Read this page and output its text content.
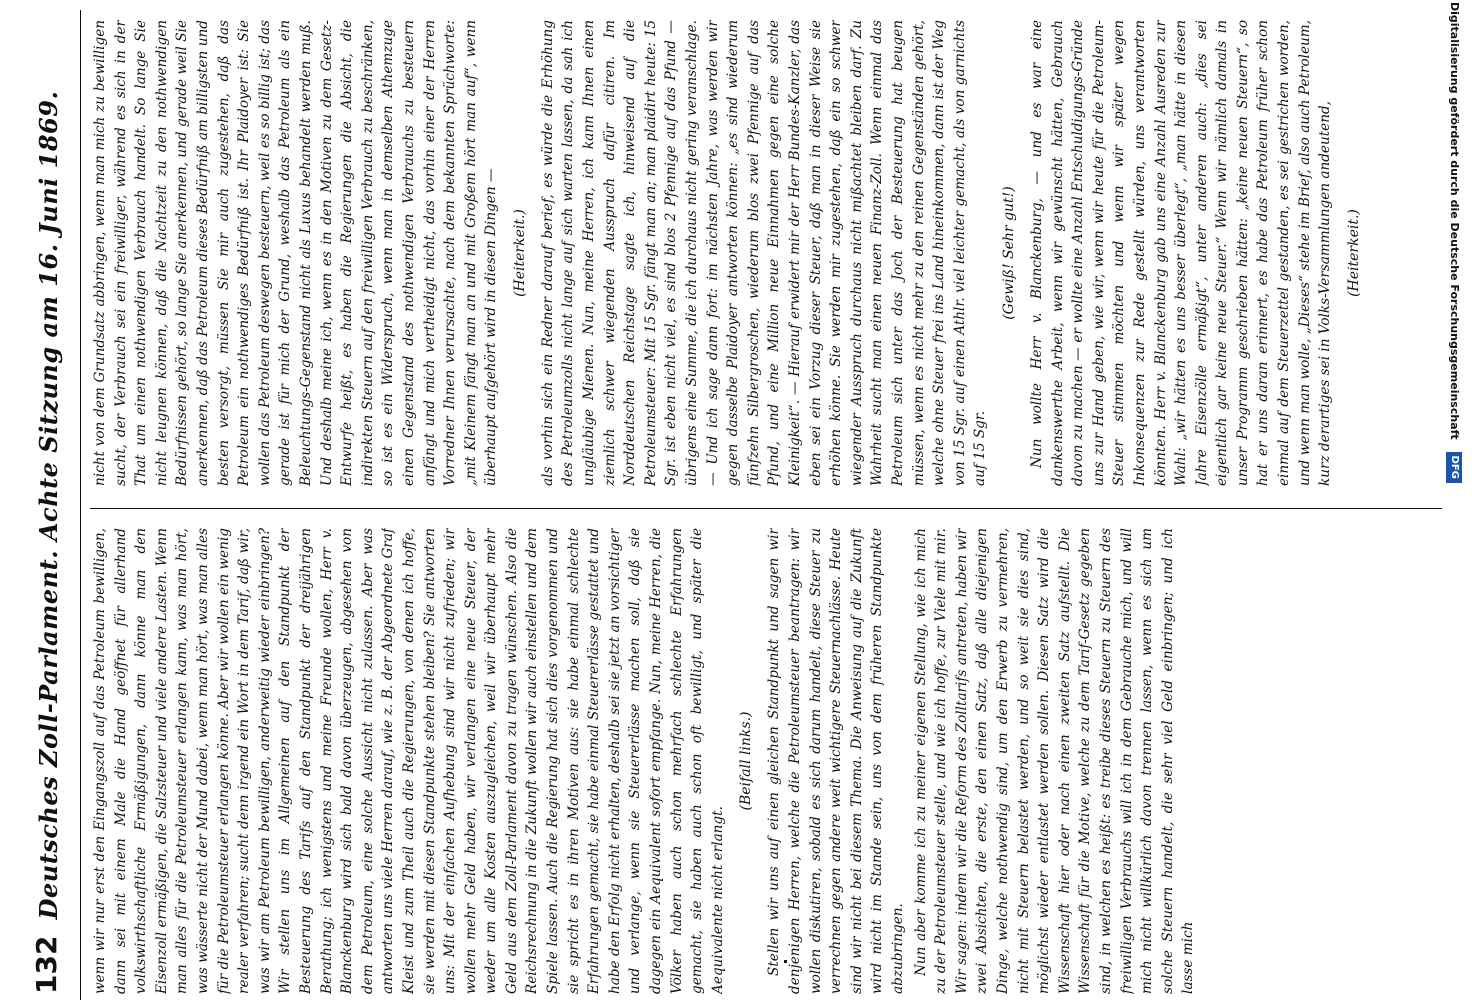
132
Deutsches Zoll-Parlament. Achte Sitzung am 16. Juni 1869. wenn wir nur erst den Eingangszoll auf das Petroleum bewilligen, dann sei mit einem Male die Hand geöffnet für allerhand volkswirthschaftliche Ermäßigungen, dann könne man den Eisenzoll ermäßigen, die Salzsteuer und viele andere Lasten. Wenn man alles für die Petroleumsteuer erlangen kann, was man hört, was wässerte nicht der Mund dabei, wenn man hört, was man alles für die Petroleumsteuer erlangen könne. Aber wir wollen ein wenig realer verfahren; sucht denn irgend ein Wort in dem Tarif, daß wir, was wir am Petroleum bewilligen, anderweitig wieder einbringen? Wir stellen uns im Allgemeinen auf den Standpunkt der Besteuerung des Tarifs auf den Standpunkt der dreijährigen Berathung; ich wenigstens und meine Freunde wollen, Herr v. Blanckenburg wird sich bald davon überzeugen, abgesehen von dem Petroleum, eine solche Aussicht nicht zulassen. Aber was antworten uns viele Herren darauf, wie z. B. der Abgeordnete Graf Kleist und zum Theil auch die Regierungen, von denen ich hoffe, sie werden mit diesen Standpunkte stehen bleiben? Sie antworten uns: Mit der einfachen Aufhebung sind wir nicht zufrieden; wir wollen mehr Geld haben, wir verlangen eine neue Steuer, der weder um alle Kosten auszugleichen, weil wir überhaupt mehr Geld aus dem Zoll-Parlament davon zu tragen wünschen. Also die Reichsrechnung in die Zukunft wollen wir auch einstellen und dem Spiele lassen. Auch die Regierung hat sich dies vorgenommen und sie spricht es in ihren Motiven aus: sie habe einmal schlechte Erfahrungen gemacht, sie habe einmal Steuererlässe gestattet und habe den Erfolg nicht erhalten, deshalb sei sie jetzt an vorsichtiger und verlange, wenn sie Steuererlässe machen soll, daß sie dagegen ein Aequivalent sofort empfange. Nun, meine Herren, die Völker haben auch schon mehrfach schlechte Erfahrungen gemacht, sie haben auch schon oft bewilligt, und später die Aequivalente nicht erlangt.

(Beifall links.) Stellen wir uns auf einen gleichen Standpunkt und sagen wir denjenigen Herren, welche die Petroleumsteuer beantragen: wir wollen diskutiren, sobald es sich darum handelt, diese Steuer zu verrechnen gegen andere weit wichtigere Steuernachlässe. Heute sind wir nicht bei diesem Thema. Die Anweisung auf die Zukunft wird nicht im Stande sein, uns von dem früheren Standpunkte abzubringen. Nun aber komme ich zu meiner eigenen Stellung, wie ich mich zu der Petroleumsteuer stelle, und wie ich hoffe, zur Viele mit mir. Wir sagen: indem wir die Reform des Zolltarifs antreten, haben wir zwei Absichten, die erste, den einen Satz, daß alle diejenigen Dinge, welche nothwendig sind, um den Erwerb zu vermehren, nicht mit Steuern belastet werden, und so weit sie dies sind, möglichst wieder entlastet werden sollen. Diesen Satz wird die Wissenschaft hier oder nach einen zweiten Satz aufstellt. Die Wissenschaft für die Motive, welche zu dem Tarif-Gesetz gegeben sind, in welchen es heißt: es treibe dieses Steuern zu Steuern des freiwilligen Verbrauchs will ich in dem Gebrauche mich, und will mich nicht willkürlich davon trennen lassen, wenn es sich um solche Steuern handelt, die sehr viel Geld einbringen; und ich lasse mich

nicht von dem Grundsatz abbringen, wenn man mich zu bewilligen sucht, der Verbrauch sei ein freiwilliger, während es sich in der That um einen nothwendigen Verbrauch handelt. So lange Sie nicht leugnen können, daß die Nachtzeit zu den nothwendigen Bedürfnissen gehört, so lange Sie anerkennen, und gerade weil Sie anerkennen, daß das Petroleum dieses Bedürfniß am billigsten und besten versorgt, müssen Sie mir auch zugestehen, daß das Petroleum ein nothwendiges Bedürfniß ist. Ihr Plaidoyer ist: Sie wollen das Petroleum deswegen besteuern, weil es so billig ist; das gerade ist für mich der Grund, weshalb das Petroleum als ein Beleuchtungs-Gegenstand nicht als Luxus behandelt werden muß. Und deshalb meine ich, wenn es in den Motiven zu dem Gesetz-Entwurfe heißt, es haben die Regierungen die Absicht, die indirekten Steuern auf den freiwilligen Verbrauch zu beschränken, so ist es ein Widerspruch, wenn man in demselben Athemzuge einen Gegenstand des nothwendigen Verbrauchs zu besteuern anfängt und mich vertheidigt nicht, das vorhin einer der Herren Vorredner Ihnen verursachte, nach dem bekannten Sprüchworte: „mit Kleinem fängt man an und mit Großem hört man auf“, wenn überhaupt aufgehört wird in diesen Dingen — (Heiterkeit.) als vorhin sich ein Redner darauf berief, es würde die Erhöhung des Petroleumzolls nicht lange auf sich warten lassen, da sah ich ungläubige Mienen. Nun, meine Herren, ich kann Ihnen einen ziemlich schwer wiegenden Ausspruch dafür citiren. Im Norddeutschen Reichstage sagte ich, hinweisend auf die Petroleumsteuer: Mit 15 Sgr. fängt man an; man plaidirt heute: 15 Sgr. ist eben nicht viel, es sind blos 2 Pfennige auf das Pfund — übrigens eine Summe, die ich durchaus nicht gering veranschlage. — Und ich sage dann fort: im nächsten Jahre, was werden wir gegen dasselbe Plaidoyer antworten können: „es sind wiederum fünfzehn Silbergroschen, wiederum blos zwei Pfennige auf das Pfund, und eine Million neue Einnahmen gegen eine solche Kleinigkeit“. — Hierauf erwidert mir der Herr Bundes-Kanzler, das eben sei ein Vorzug dieser Steuer, daß man in dieser Weise sie erhöhen könne. Sie werden mir zugestehen, daß ein so schwer wiegender Ausspruch durchaus nicht mißachtet bleiben darf. Zu Wahrheit sucht man einen neuen Finanz-Zoll. Wenn einmal das Petroleum sich unter das Joch der Besteuerung hat beugen müssen, wenn es nicht mehr zu den reinen Gegenständen gehört, welche ohne Steuer frei ins Land hineinkommen, dann ist der Weg von 15 Sgr. auf einen Athlr. viel leichter gemacht, als von garnichts auf 15 Sgr.

(Gewiß! Sehr gut!) Nun wollte Herr v. Blanckenburg, — und es war eine dankenswerthe Arbeit, wenn wir gewünscht hätten, Gebrauch davon zu machen — er wollte eine Anzahl Entschuldigungs-Gründe uns zur Hand geben, wie wir, wenn wir heute für die Petroleum-Steuer stimmen möchten und wenn wir später wegen Inkonsequenzen zur Rede gestellt würden, uns verantworten könnten. Herr v. Blanckenburg gab uns eine Anzahl Ausreden zur Wahl: „wir hätten es uns besser überlegt“, „man hätte in diesen Jahre Eisenzölle ermäßigt“, unter anderen auch: „dies sei eigentlich gar keine neue Steuer.“ Wenn wir nämlich damals in unser Programm geschrieben hätten: „keine neuen Steuern“, so hat er uns daran erinnert, es habe das Petroleum früher schon einmal auf dem Steuerzettel gestanden, es sei gestrichen worden, und wenn man wolle, „Dieses“ stehe im Brief, also auch Petroleum, kurz derartiges sei in Volks-Versammlungen andeutend, (Heiterkeit.)	Digitalisierung gefördert durch die Deutsche Forschungsgemeinschaft DFG
